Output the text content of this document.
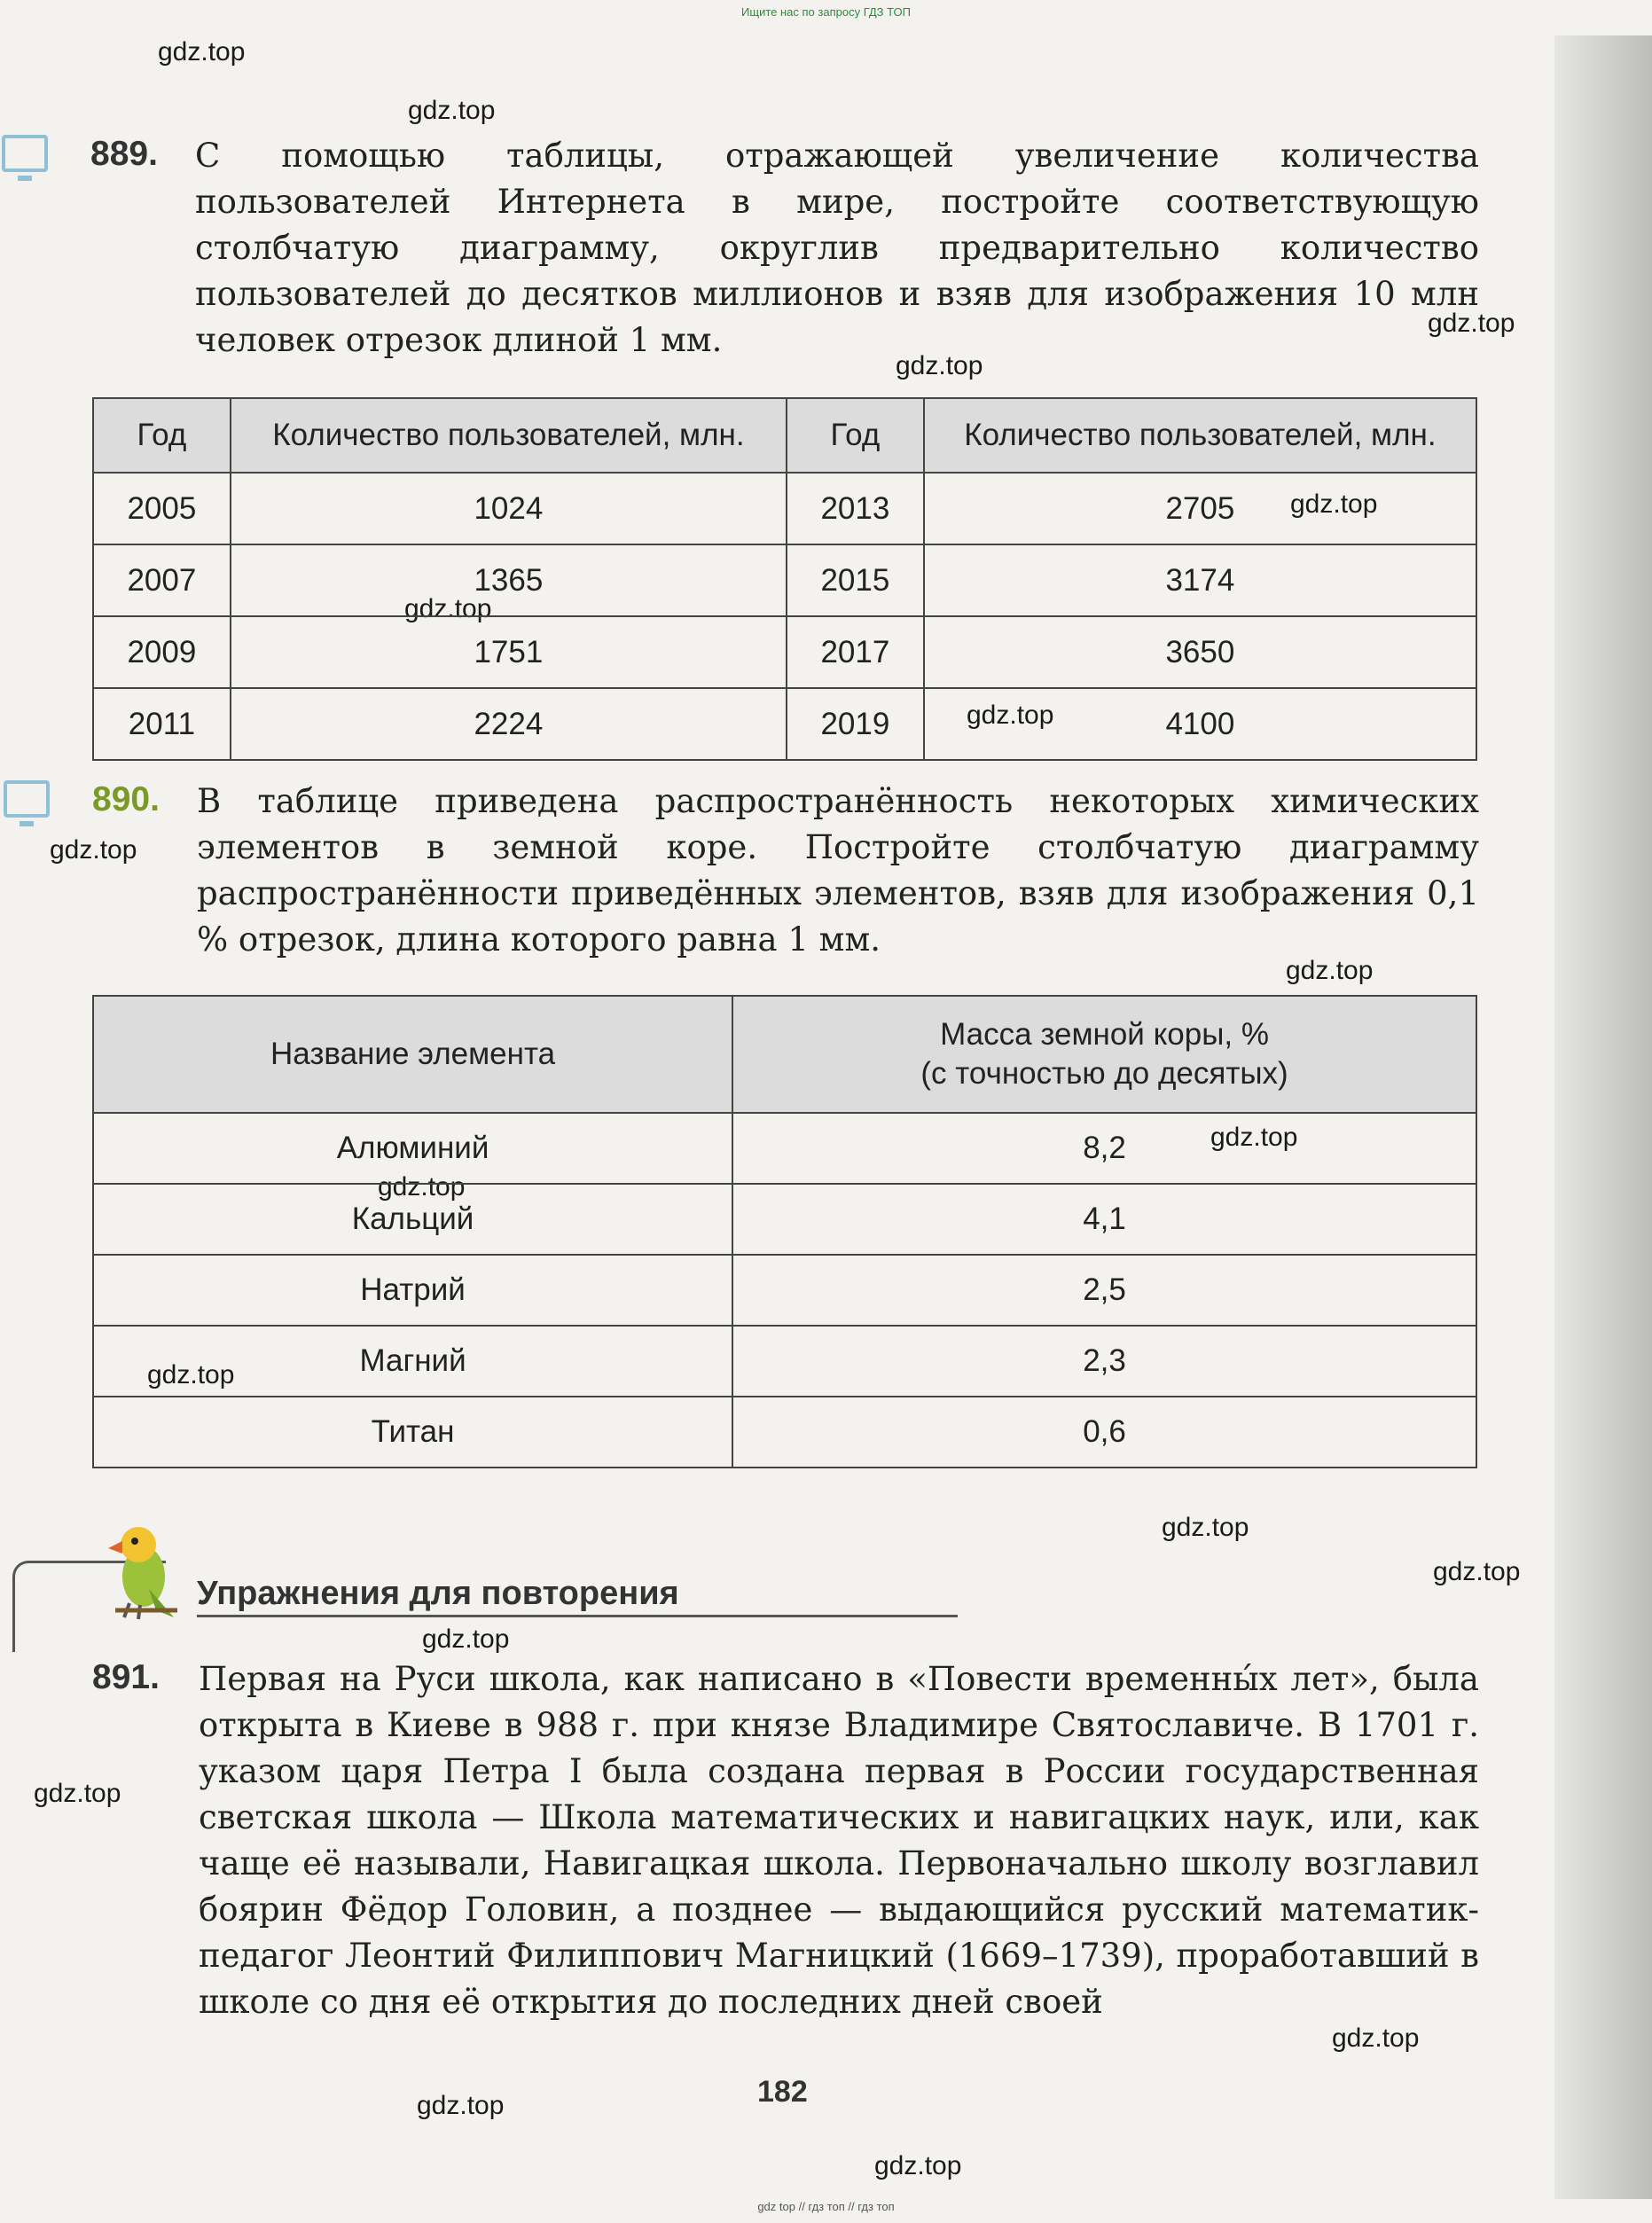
Ищите нас по запросу ГДЗ ТОП
gdz.top
gdz.top
gdz.top
gdz.top
gdz.top
gdz.top
gdz.top
gdz.top
gdz.top
gdz.top
gdz.top
gdz.top
gdz.top
gdz.top
gdz.top
gdz.top
gdz.top
gdz.top
gdz.top
gdz.top
889. С помощью таблицы, отражающей увеличение количества пользователей Интернета в мире, постройте соответствующую столбчатую диаграмму, округлив предварительно количество пользователей до десятков миллионов и взяв для изображения 10 млн человек отрезок длиной 1 мм.
Год	Количество пользователей, млн.	Год	Количество пользователей, млн.
2005	1024	2013	2705
2007	1365	2015	3174
2009	1751	2017	3650
2011	2224	2019	4100
890. В таблице приведена распространённость некоторых химических элементов в земной коре. Постройте столбчатую диаграмму распространённости приведённых элементов, взяв для изображения 0,1 % отрезок, длина которого равна 1 мм.
Название элемента	Масса земной коры, %
(с точностью до десятых)

Алюминий	8,2
Кальций	4,1
Натрий	2,5
Магний	2,3
Титан	0,6
Упражнения для повторения
891. Первая на Руси школа, как написано в «Повести временны́х лет», была открыта в Киеве в 988 г. при князе Владимире Святославиче. В 1701 г. указом царя Петра I была создана первая в России государственная светская школа — Школа математических и навигацких наук, или, как чаще её называли, Навигацкая школа. Первоначально школу возглавил боярин Фёдор Головин, а позднее — выдающийся русский математик-педагог Леонтий Филиппович Магницкий (1669–1739), проработавший в школе со дня её открытия до последних дней своей
182
gdz top // гдз топ // гдз топ
